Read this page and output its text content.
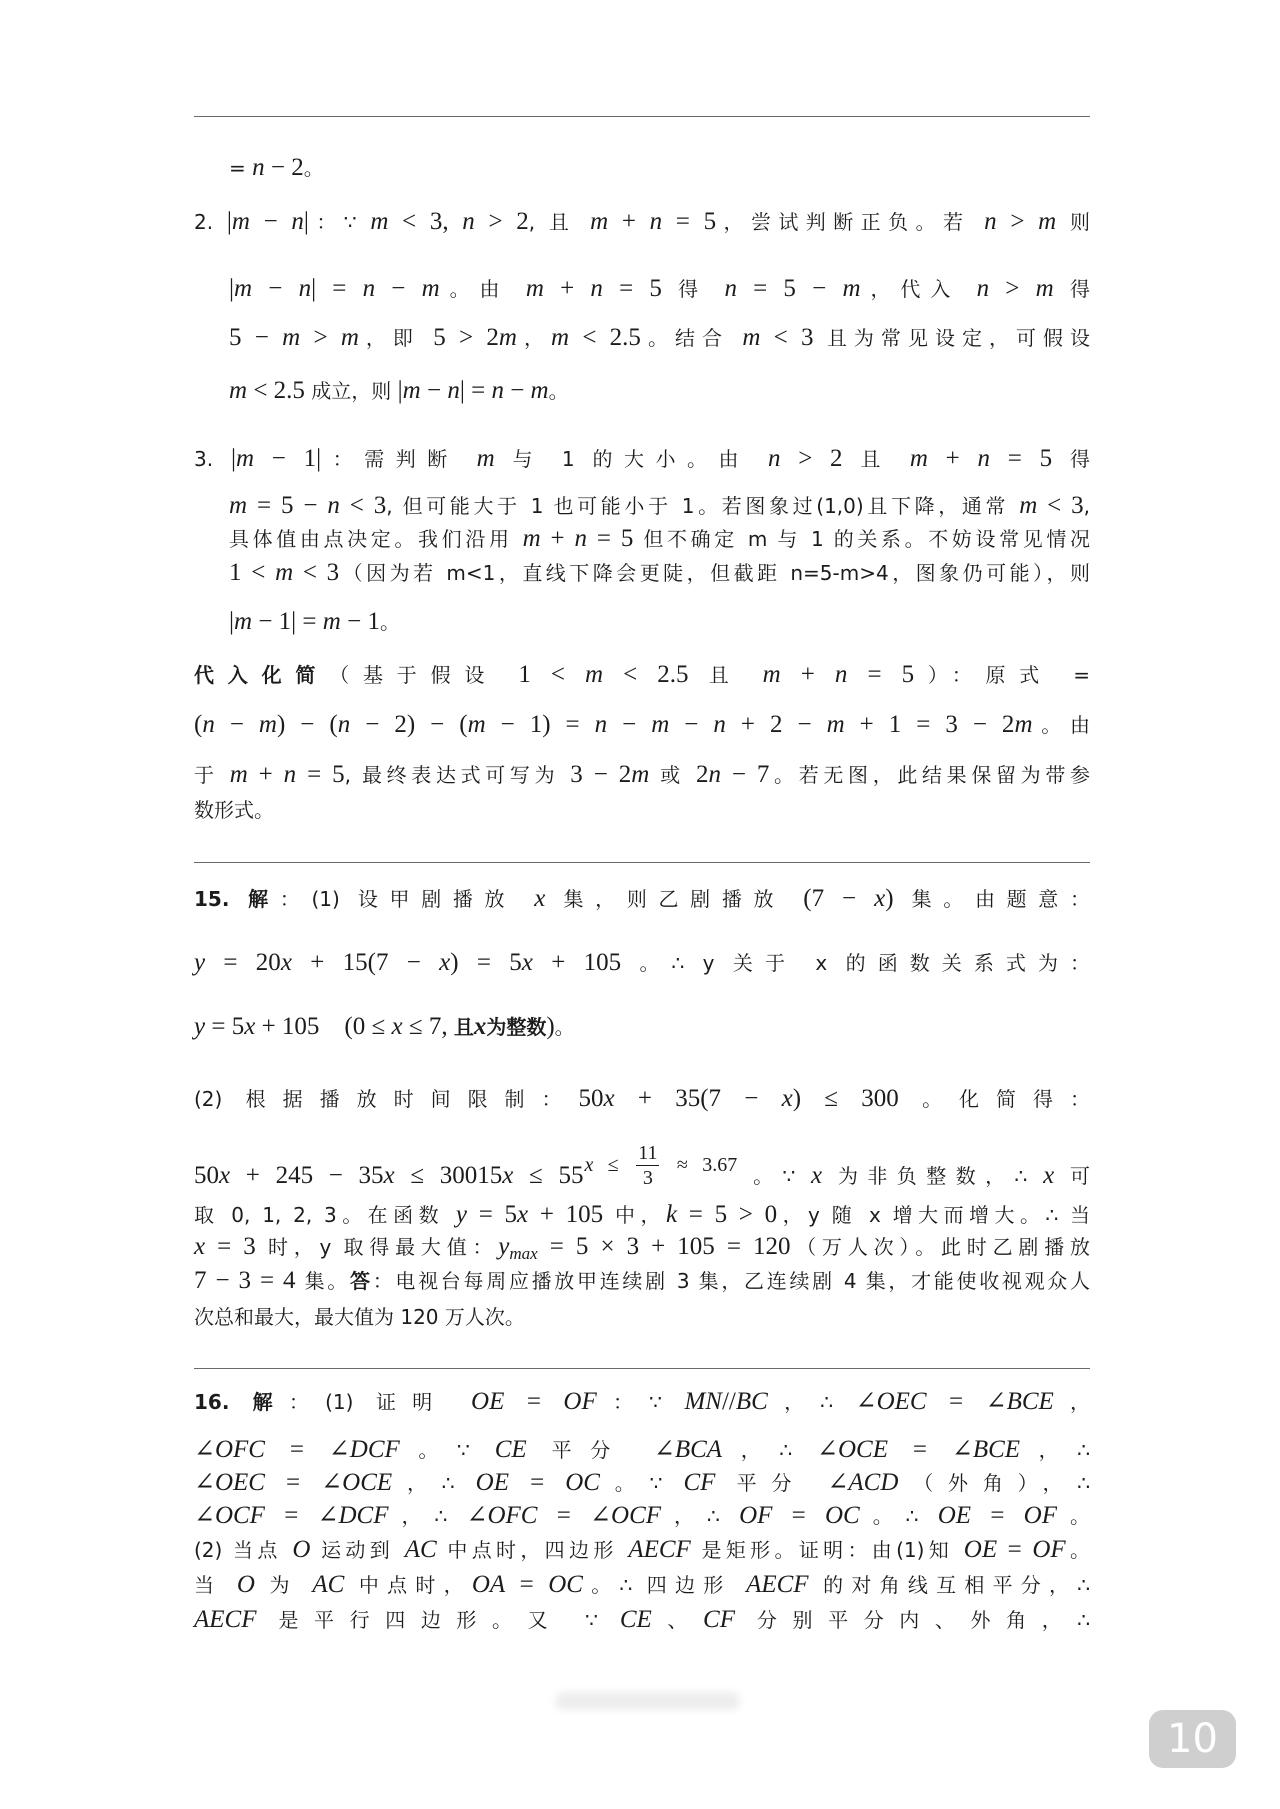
= n − 2。
2. |m − n|：∵ m < 3, n > 2, 且 m + n = 5，尝试判断正负。若 n > m 则
|m − n| = n − m。由 m + n = 5 得 n = 5 − m，代入 n > m 得
5 − m > m，即 5 > 2m，m < 2.5。结合 m < 3 且为常见设定，可假设
m < 2.5 成立，则 |m − n| = n − m。
3. |m − 1|：需判断 m 与 1 的大小。由 n > 2 且 m + n = 5 得
m = 5 − n < 3, 但可能大于 1 也可能小于 1。若图象过(1,0)且下降，通常 m < 3,
具体值由点决定。我们沿用 m + n = 5 但不确定 m 与 1 的关系。不妨设常见情况
1 < m < 3（因为若 m<1，直线下降会更陡，但截距 n=5-m>4，图象仍可能），则
|m − 1| = m − 1。
代入化简（基于假设 1 < m < 2.5 且 m + n = 5）：原式 =
(n − m) − (n − 2) − (m − 1) = n − m − n + 2 − m + 1 = 3 − 2m。由
于 m + n = 5, 最终表达式可写为 3 − 2m 或 2n − 7。若无图，此结果保留为带参
数形式。
15. 解：(1) 设甲剧播放 x 集，则乙剧播放 (7 − x) 集。由题意：
y = 20x + 15(7 − x) = 5x + 105 。∴ y 关于 x 的函数关系式为：
y = 5x + 105 (0 ≤ x ≤ 7, 且x为整数)。
(2) 根据播放时间限制：50x + 35(7 − x) ≤ 300 。化简得：
$50x + 245 - 35x \le 30015x \le 55x \le \frac{11}{3} \approx 3.67$ 。∵ x 为非负整数，∴ x 可
取 0, 1, 2, 3。在函数 y = 5x + 105 中，k = 5 > 0，y 随 x 增大而增大。∴ 当
x = 3 时，y 取得最大值：$y_{max} = 5 \times 3 + 105 = 120$（万人次）。此时乙剧播放
7 − 3 = 4 集。答：电视台每周应播放甲连续剧 3 集，乙连续剧 4 集，才能使收视观众人
次总和最大，最大值为 120 万人次。
16. 解：(1) 证明 OE = OF：∵ MN//BC，∴ ∠OEC = ∠BCE，
∠OFC = ∠DCF。∵ CE 平分 ∠BCA，∴ ∠OCE = ∠BCE，∴
∠OEC = ∠OCE，∴ OE = OC。∵ CF 平分 ∠ACD（外角），∴
∠OCF = ∠DCF，∴ ∠OFC = ∠OCF，∴ OF = OC。∴ OE = OF。
(2) 当点 O 运动到 AC 中点时，四边形 AECF 是矩形。证明：由(1)知 OE = OF。
当 O 为 AC 中点时，OA = OC。∴ 四边形 AECF 的对角线互相平分，∴
AECF 是平行四边形。又 ∵ CE、CF 分别平分内、外角，∴
10
